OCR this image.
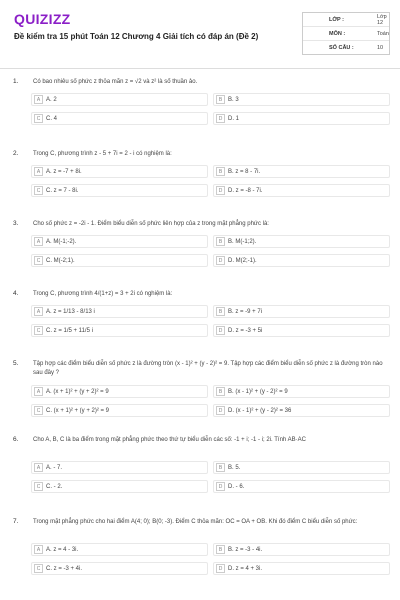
QUIZIZZ
Đề kiểm tra 15 phút Toán 12 Chương 4 Giải tích có đáp án (Đề 2)
LỚP :	Lớp 12
MÔN :	Toán
SỐ CÂU :	10
1. Có bao nhiêu số phức z thỏa mãn z = √2 và z² là số thuần ảo.
A A. 2	B B. 3
C C. 4	D D. 1
2. Trong C, phương trình z - 5 + 7i = 2 - i có nghiệm là:
A A. z = -7 + 8i.	B B. z = 8 - 7i.
C C. z = 7 - 8i.	D D. z = -8 - 7i.
3. Cho số phức z = -2i - 1. Điểm biểu diễn số phức liên hợp của z trong mặt phẳng phức là:
A A. M(-1;-2).	B B. M(-1;2).
C C. M(-2;1).	D D. M(2;-1).
4. Trong C, phương trình 4/(1+z) = 3 + 2i có nghiệm là:
A A. z = 1/13 - 8/13 i	B B. z = -9 + 7i
C C. z = 1/5 + 11/5 i	D D. z = -3 + 5i
5. Tập hợp các điểm biểu diễn số phức z là đường tròn (x - 1)² + (y - 2)² = 9. Tập hợp các điểm biểu diễn số phức z là đường tròn nào sau đây ?
A A. (x + 1)² + (y + 2)² = 9	B B. (x - 1)² + (y - 2)² = 9
C C. (x + 1)² + (y + 2)² = 9	D D. (x - 1)² + (y - 2)² = 36
6. Cho A, B, C là ba điểm trong mặt phẳng phức theo thứ tự biểu diễn các số: -1 + i; -1 - i; 2i. Tính AB·AC
A A. - 7.	B B. 5.
C C. - 2.	D D. - 6.
7. Trong mặt phẳng phức cho hai điểm A(4; 0); B(0; -3). Điểm C thỏa mãn: OC = OA + OB. Khi đó điểm C biểu diễn số phức:
A A. z = 4 - 3i.	B B. z = -3 - 4i.
C C. z = -3 + 4i.	D D. z = 4 + 3i.
